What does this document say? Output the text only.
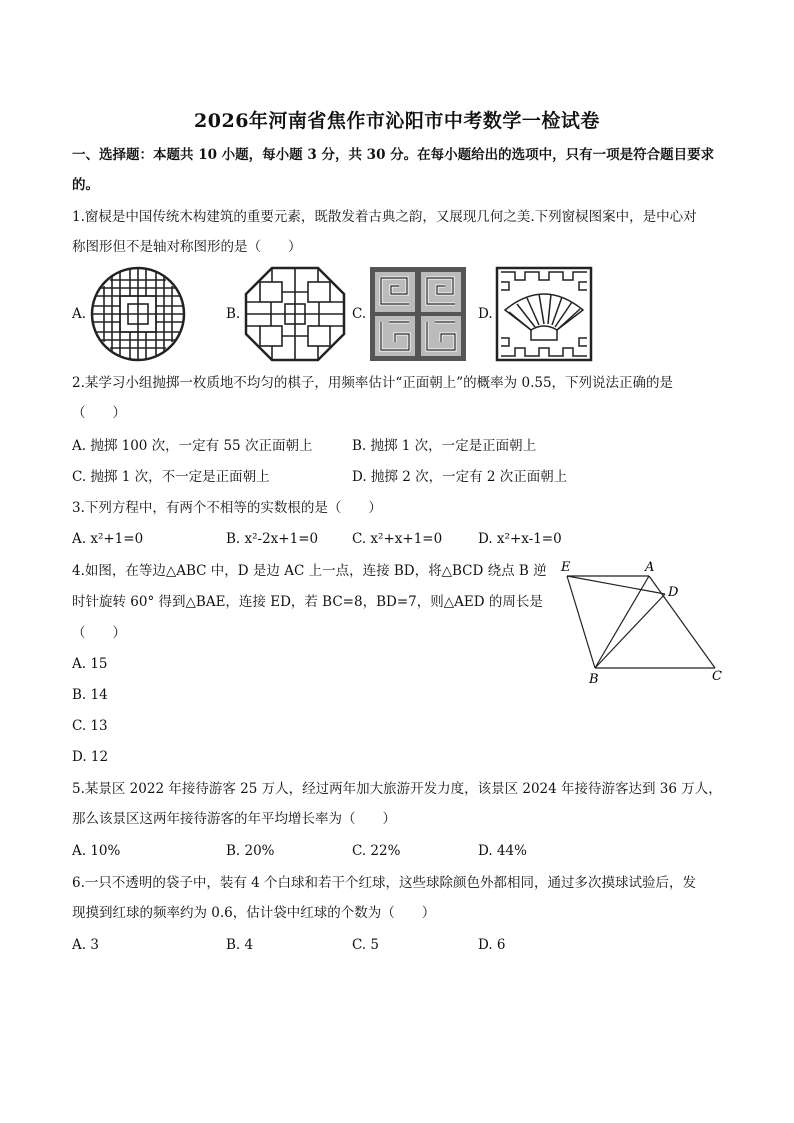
2026年河南省焦作市沁阳市中考数学一检试卷
一、选择题：本题共 10 小题，每小题 3 分，共 30 分。在每小题给出的选项中，只有一项是符合题目要求
的。
1.窗棂是中国传统木构建筑的重要元素，既散发着古典之韵，又展现几何之美.下列窗棂图案中，是中心对
称图形但不是轴对称图形的是（　　）
A.	B.	C.	D.
2.某学习小组抛掷一枚质地不均匀的棋子，用频率估计“正面朝上”的概率为 0.55，下列说法正确的是
（　　）
A. 抛掷 100 次，一定有 55 次正面朝上	B. 抛掷 1 次，一定是正面朝上
C. 抛掷 1 次，不一定是正面朝上	D. 抛掷 2 次，一定有 2 次正面朝上
3.下列方程中，有两个不相等的实数根的是（　　）
A. x²+1=0	B. x²-2x+1=0	C. x²+x+1=0	D. x²+x-1=0
4.如图，在等边△ABC 中，D 是边 AC 上一点，连接 BD，将△BCD 绕点 B 逆
时针旋转 60° 得到△BAE，连接 ED，若 BC=8，BD=7，则△AED 的周长是
（　　）
A. 15
B. 14
C. 13
D. 12
E	A
D
B	C
5.某景区 2022 年接待游客 25 万人，经过两年加大旅游开发力度，该景区 2024 年接待游客达到 36 万人，
那么该景区这两年接待游客的年平均增长率为（　　）
A. 10%	B. 20%	C. 22%	D. 44%
6.一只不透明的袋子中，装有 4 个白球和若干个红球，这些球除颜色外都相同，通过多次摸球试验后，发
现摸到红球的频率约为 0.6，估计袋中红球的个数为（　　）
A. 3	B. 4	C. 5	D. 6
